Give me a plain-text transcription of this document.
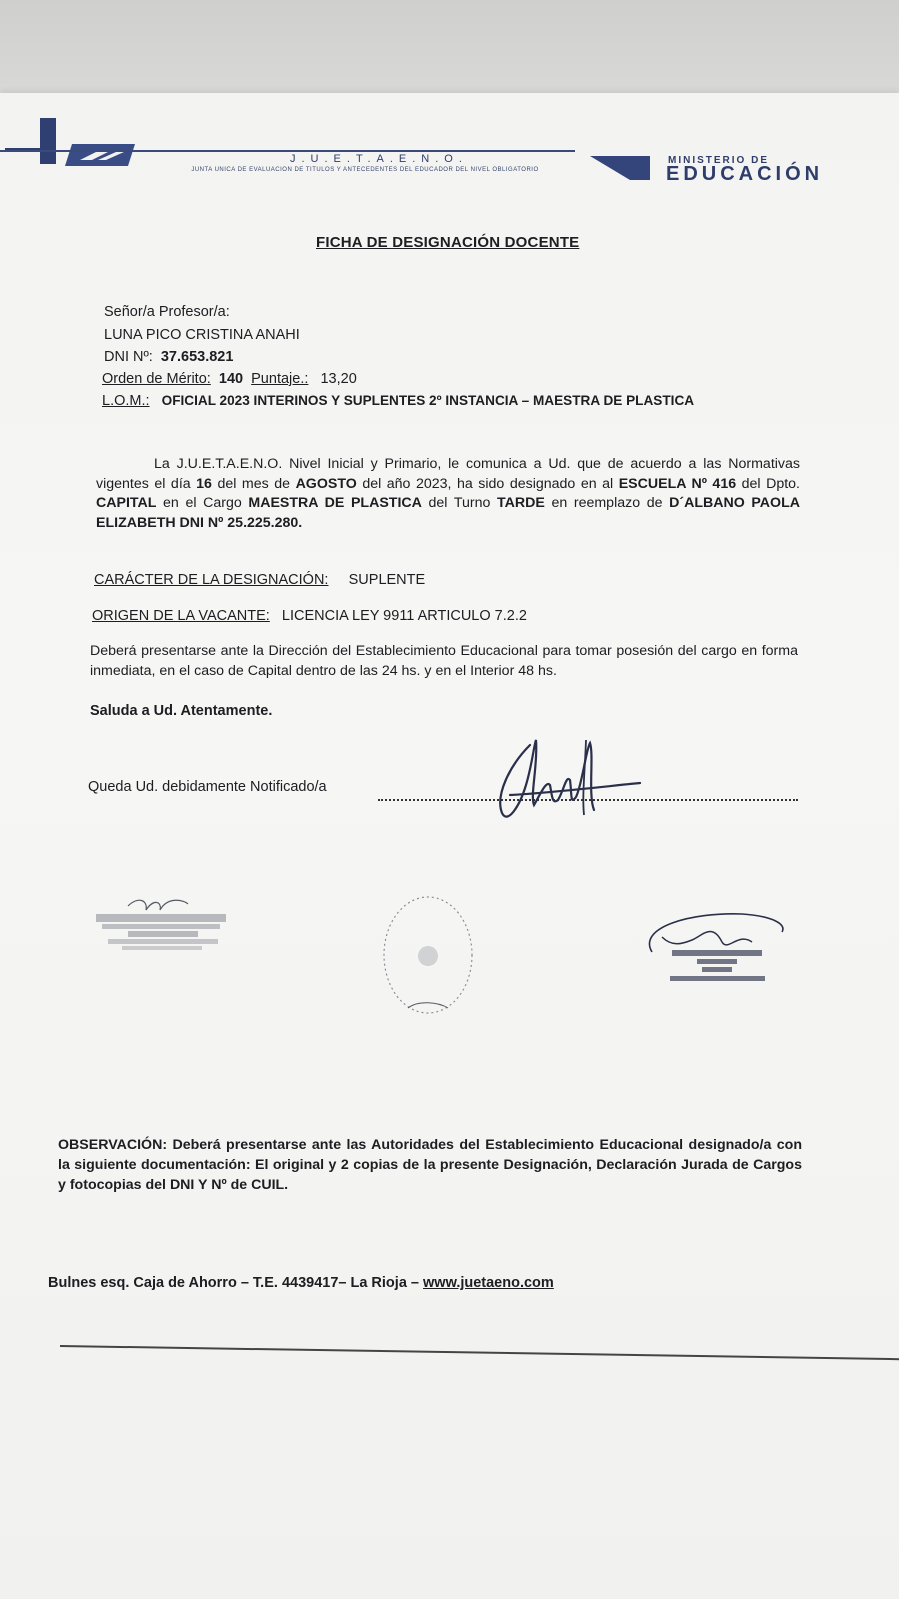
J.U.E.T.A.E.N.O.
JUNTA UNICA DE EVALUACION DE TITULOS Y ANTECEDENTES DEL EDUCADOR DEL NIVEL OBLIGATORIO
MINISTERIO DE
EDUCACIÓN
FICHA DE DESIGNACIÓN DOCENTE
Señor/a Profesor/a:
LUNA PICO CRISTINA ANAHI
DNI Nº: 37.653.821
Orden de Mérito: 140 Puntaje.: 13,20
L.O.M.: OFICIAL 2023 INTERINOS Y SUPLENTES 2º INSTANCIA – MAESTRA DE PLASTICA
La J.U.E.T.A.E.N.O. Nivel Inicial y Primario, le comunica a Ud. que de acuerdo a las Normativas vigentes el día 16 del mes de AGOSTO del año 2023, ha sido designado en al ESCUELA Nº 416 del Dpto. CAPITAL en el Cargo MAESTRA DE PLASTICA del Turno TARDE en reemplazo de D´ALBANO PAOLA ELIZABETH DNI Nº 25.225.280.
CARÁCTER DE LA DESIGNACIÓN: SUPLENTE
ORIGEN DE LA VACANTE: LICENCIA LEY 9911 ARTICULO 7.2.2
Deberá presentarse ante la Dirección del Establecimiento Educacional para tomar posesión del cargo en forma inmediata, en el caso de Capital dentro de las 24 hs. y en el Interior 48 hs.
Saluda a Ud. Atentamente.
Queda Ud. debidamente Notificado/a
OBSERVACIÓN: Deberá presentarse ante las Autoridades del Establecimiento Educacional designado/a con la siguiente documentación: El original y 2 copias de la presente Designación, Declaración Jurada de Cargos y fotocopias del DNI Y Nº de CUIL.
Bulnes esq. Caja de Ahorro – T.E. 4439417– La Rioja – www.juetaeno.com
